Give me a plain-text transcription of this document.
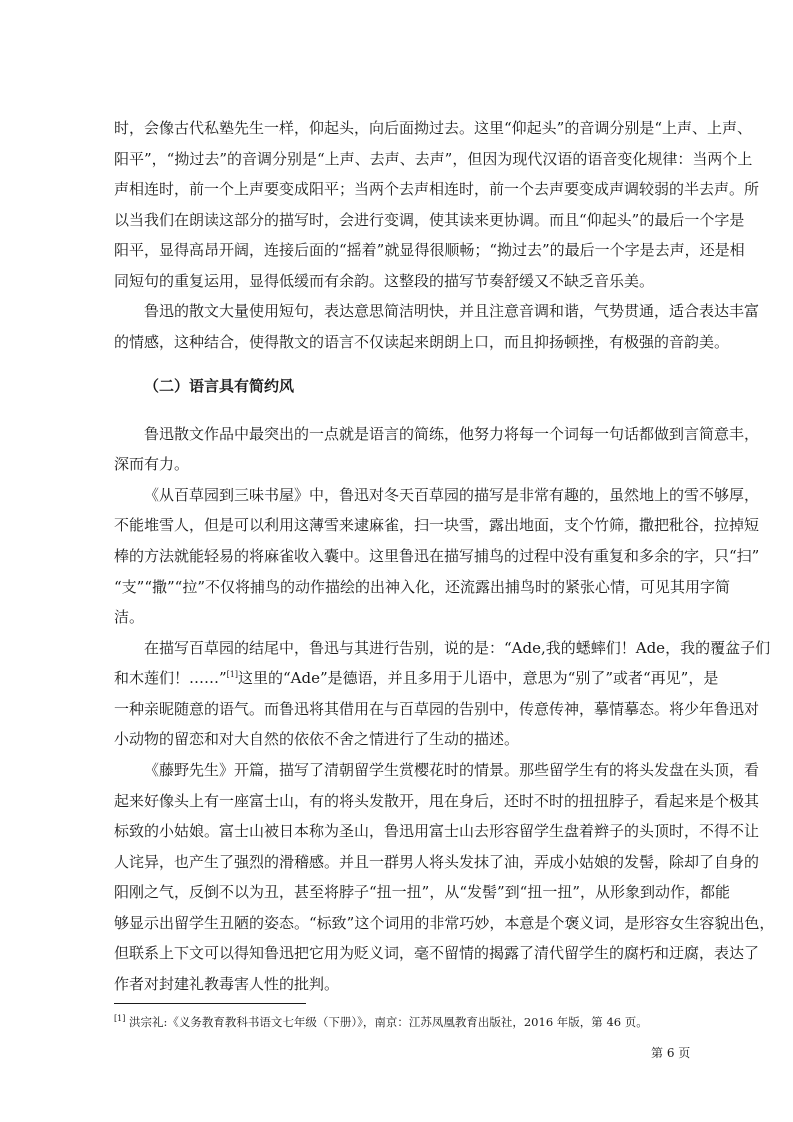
时，会像古代私塾先生一样，仰起头，向后面拗过去。这里“仰起头”的音调分别是“上声、上声、
阳平”，“拗过去”的音调分别是“上声、去声、去声”，但因为现代汉语的语音变化规律：当两个上
声相连时，前一个上声要变成阳平；当两个去声相连时，前一个去声要变成声调较弱的半去声。所
以当我们在朗读这部分的描写时，会进行变调，使其读来更协调。而且“仰起头”的最后一个字是
阳平，显得高昂开阔，连接后面的“摇着”就显得很顺畅；“拗过去”的最后一个字是去声，还是相
同短句的重复运用，显得低缓而有余韵。这整段的描写节奏舒缓又不缺乏音乐美。
鲁迅的散文大量使用短句，表达意思简洁明快，并且注意音调和谐，气势贯通，适合表达丰富
的情感，这种结合，使得散文的语言不仅读起来朗朗上口，而且抑扬顿挫，有极强的音韵美。
（二）语言具有简约风
鲁迅散文作品中最突出的一点就是语言的简练，他努力将每一个词每一句话都做到言简意丰，
深而有力。
《从百草园到三味书屋》中，鲁迅对冬天百草园的描写是非常有趣的，虽然地上的雪不够厚，
不能堆雪人，但是可以利用这薄雪来逮麻雀，扫一块雪，露出地面，支个竹筛，撒把秕谷，拉掉短
棒的方法就能轻易的将麻雀收入囊中。这里鲁迅在描写捕鸟的过程中没有重复和多余的字，只“扫”
“支”“撒”“拉”不仅将捕鸟的动作描绘的出神入化，还流露出捕鸟时的紧张心情，可见其用字简
洁。
在描写百草园的结尾中，鲁迅与其进行告别，说的是：“Ade,我的蟋蟀们！Ade，我的覆盆子们
和木莲们！……”[1]这里的“Ade”是德语，并且多用于儿语中，意思为“别了”或者“再见”，是
一种亲昵随意的语气。而鲁迅将其借用在与百草园的告别中，传意传神，摹情摹态。将少年鲁迅对
小动物的留恋和对大自然的依依不舍之情进行了生动的描述。
《藤野先生》开篇，描写了清朝留学生赏樱花时的情景。那些留学生有的将头发盘在头顶，看
起来好像头上有一座富士山，有的将头发散开，甩在身后，还时不时的扭扭脖子，看起来是个极其
标致的小姑娘。富士山被日本称为圣山，鲁迅用富士山去形容留学生盘着辫子的头顶时，不得不让
人诧异，也产生了强烈的滑稽感。并且一群男人将头发抹了油，弄成小姑娘的发髻，除却了自身的
阳刚之气，反倒不以为丑，甚至将脖子“扭一扭”，从“发髻”到“扭一扭”，从形象到动作，都能
够显示出留学生丑陋的姿态。“标致”这个词用的非常巧妙，本意是个褒义词，是形容女生容貌出色，
但联系上下文可以得知鲁迅把它用为贬义词，毫不留情的揭露了清代留学生的腐朽和迂腐，表达了
作者对封建礼教毒害人性的批判。
[1] 洪宗礼:《义务教育教科书语文七年级（下册）》，南京：江苏凤凰教育出版社，2016 年版，第 46 页。
第 6 页
